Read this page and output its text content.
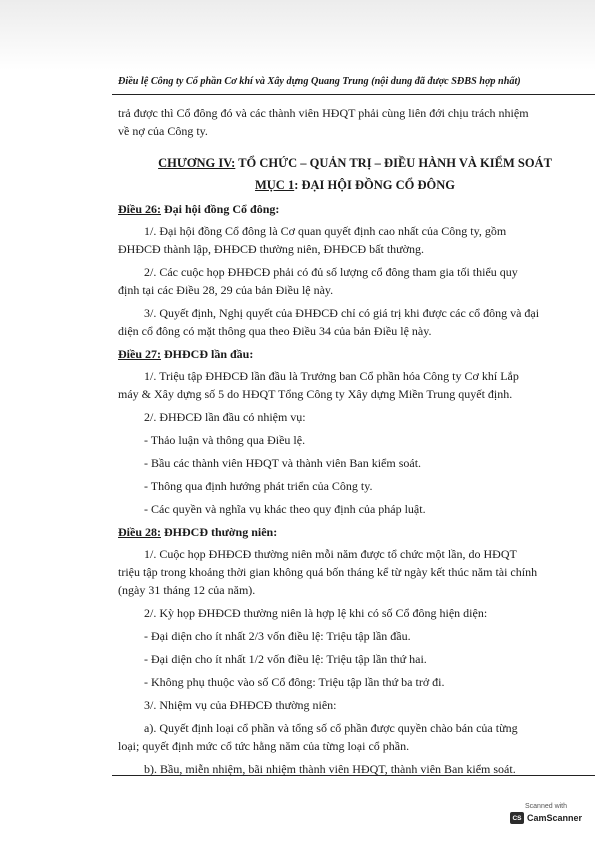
Điều lệ Công ty Cổ phần Cơ khí và Xây dựng Quang Trung (nội dung đã được SĐBS hợp nhất)
trả được thì Cổ đông đó và các thành viên HĐQT phải cùng liên đới chịu trách nhiệm
về nợ của Công ty.
CHƯƠNG IV: TỔ CHỨC – QUẢN TRỊ – ĐIỀU HÀNH VÀ KIỂM SOÁT
MỤC 1: ĐẠI HỘI ĐỒNG CỔ ĐÔNG
Điều 26: Đại hội đồng Cổ đông:
1/. Đại hội đồng Cổ đông là Cơ quan quyết định cao nhất của Công ty, gồm
ĐHĐCĐ thành lập, ĐHĐCĐ thường niên, ĐHĐCĐ bất thường.
2/. Các cuộc họp ĐHĐCĐ phải có đủ số lượng cổ đông tham gia tối thiểu quy
định tại các Điều 28, 29 của bản Điều lệ này.
3/. Quyết định, Nghị quyết của ĐHĐCĐ chỉ có giá trị khi được các cổ đông và đại
diện cổ đông có mặt thông qua theo Điều 34 của bản Điều lệ này.
Điều 27: ĐHĐCĐ lần đầu:
1/. Triệu tập ĐHĐCĐ lần đầu là Trưởng ban Cổ phần hóa Công ty Cơ khí Lắp
máy & Xây dựng số 5 do HĐQT Tổng Công ty Xây dựng Miền Trung quyết định.
2/. ĐHĐCĐ lần đầu có nhiệm vụ:
- Thảo luận và thông qua Điều lệ.
- Bầu các thành viên HĐQT và thành viên Ban kiểm soát.
- Thông qua định hướng phát triển của Công ty.
- Các quyền và nghĩa vụ khác theo quy định của pháp luật.
Điều 28: ĐHĐCĐ thường niên:
1/. Cuộc họp ĐHĐCĐ thường niên mỗi năm được tổ chức một lần, do HĐQT
triệu tập trong khoảng thời gian không quá bốn tháng kể từ ngày kết thúc năm tài chính
(ngày 31 tháng 12 của năm).
2/. Kỳ họp ĐHĐCĐ thường niên là hợp lệ khi có số Cổ đông hiện diện:
- Đại diện cho ít nhất 2/3 vốn điều lệ: Triệu tập lần đầu.
- Đại diện cho ít nhất 1/2 vốn điều lệ: Triệu tập lần thứ hai.
- Không phụ thuộc vào số Cổ đông: Triệu tập lần thứ ba trở đi.
3/. Nhiệm vụ của ĐHĐCĐ thường niên:
a). Quyết định loại cổ phần và tổng số cổ phần được quyền chào bán của từng
loại; quyết định mức cổ tức hằng năm của từng loại cổ phần.
b). Bầu, miễn nhiệm, bãi nhiệm thành viên HĐQT, thành viên Ban kiểm soát.
Scanned with
CS CamScanner
